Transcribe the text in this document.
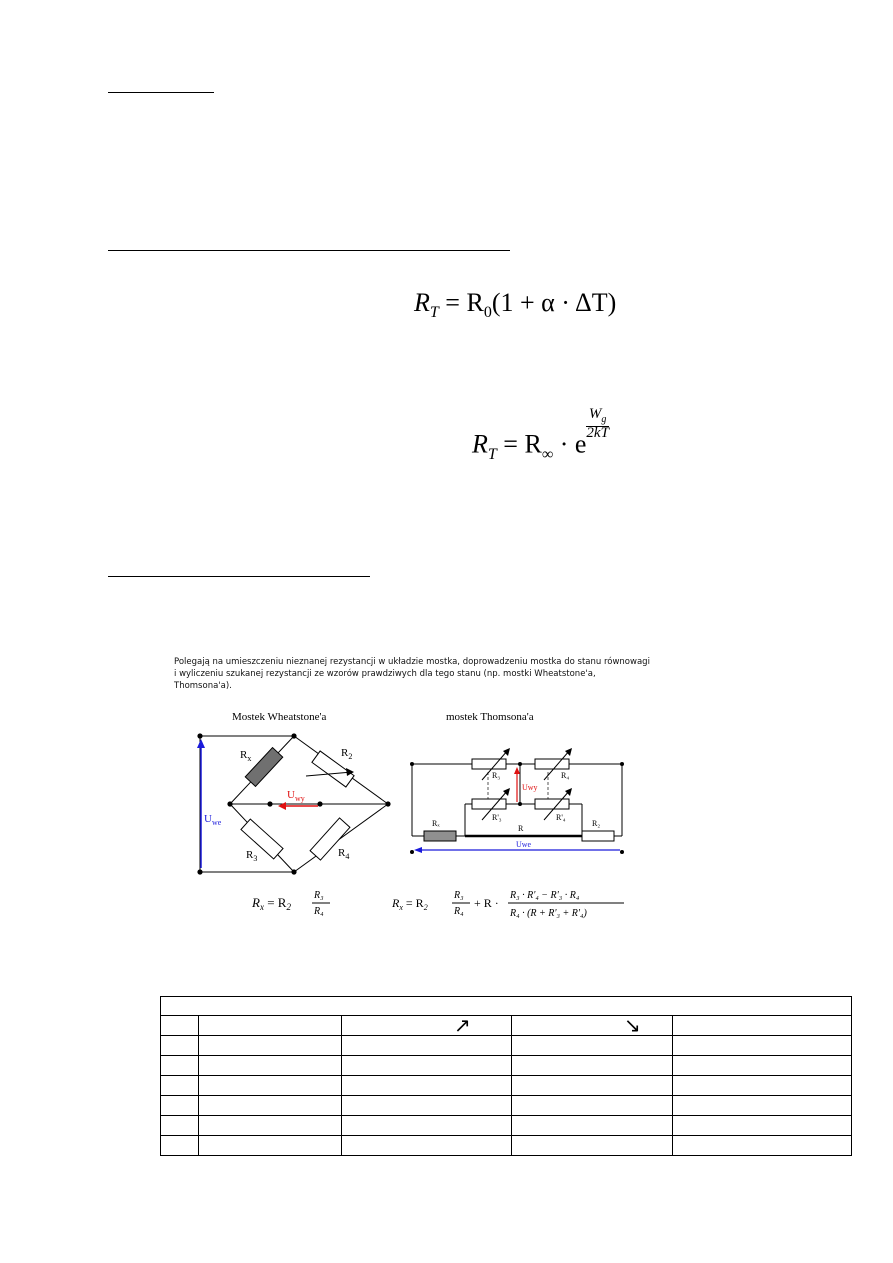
$R_T = R_0(1 + \alpha \cdot \Delta T)$
$R_T = R_\infty \cdot e$
$^{\frac{W_g}{2kT}}$
Polegają na umieszczeniu nieznanej rezystancji w układzie mostka, doprowadzeniu mostka do stanu równowagi i wyliczeniu szukanej rezystancji ze wzorów prawdziwych dla tego stanu (np. mostki Wheatstone'a, Thomsona'a).
Mostek Wheatstone'a
$R_x$	$R_2$
$R_3$	$R_4$
$U_{wy}$
$U_{we}$
mostek Thomsona'a
R₃	R₄
R'₃	R'₄
Rₓ
R
R₂
Uwy
Uwe
$R_x = R_2$
R₃
R₄
$R_x = R_2$
R₃
R₄
+ R ·
R₃ · R'₄ − R'₃ · R₄
R₄ · (R + R'₃ + R'₄)

		↗	↘	
